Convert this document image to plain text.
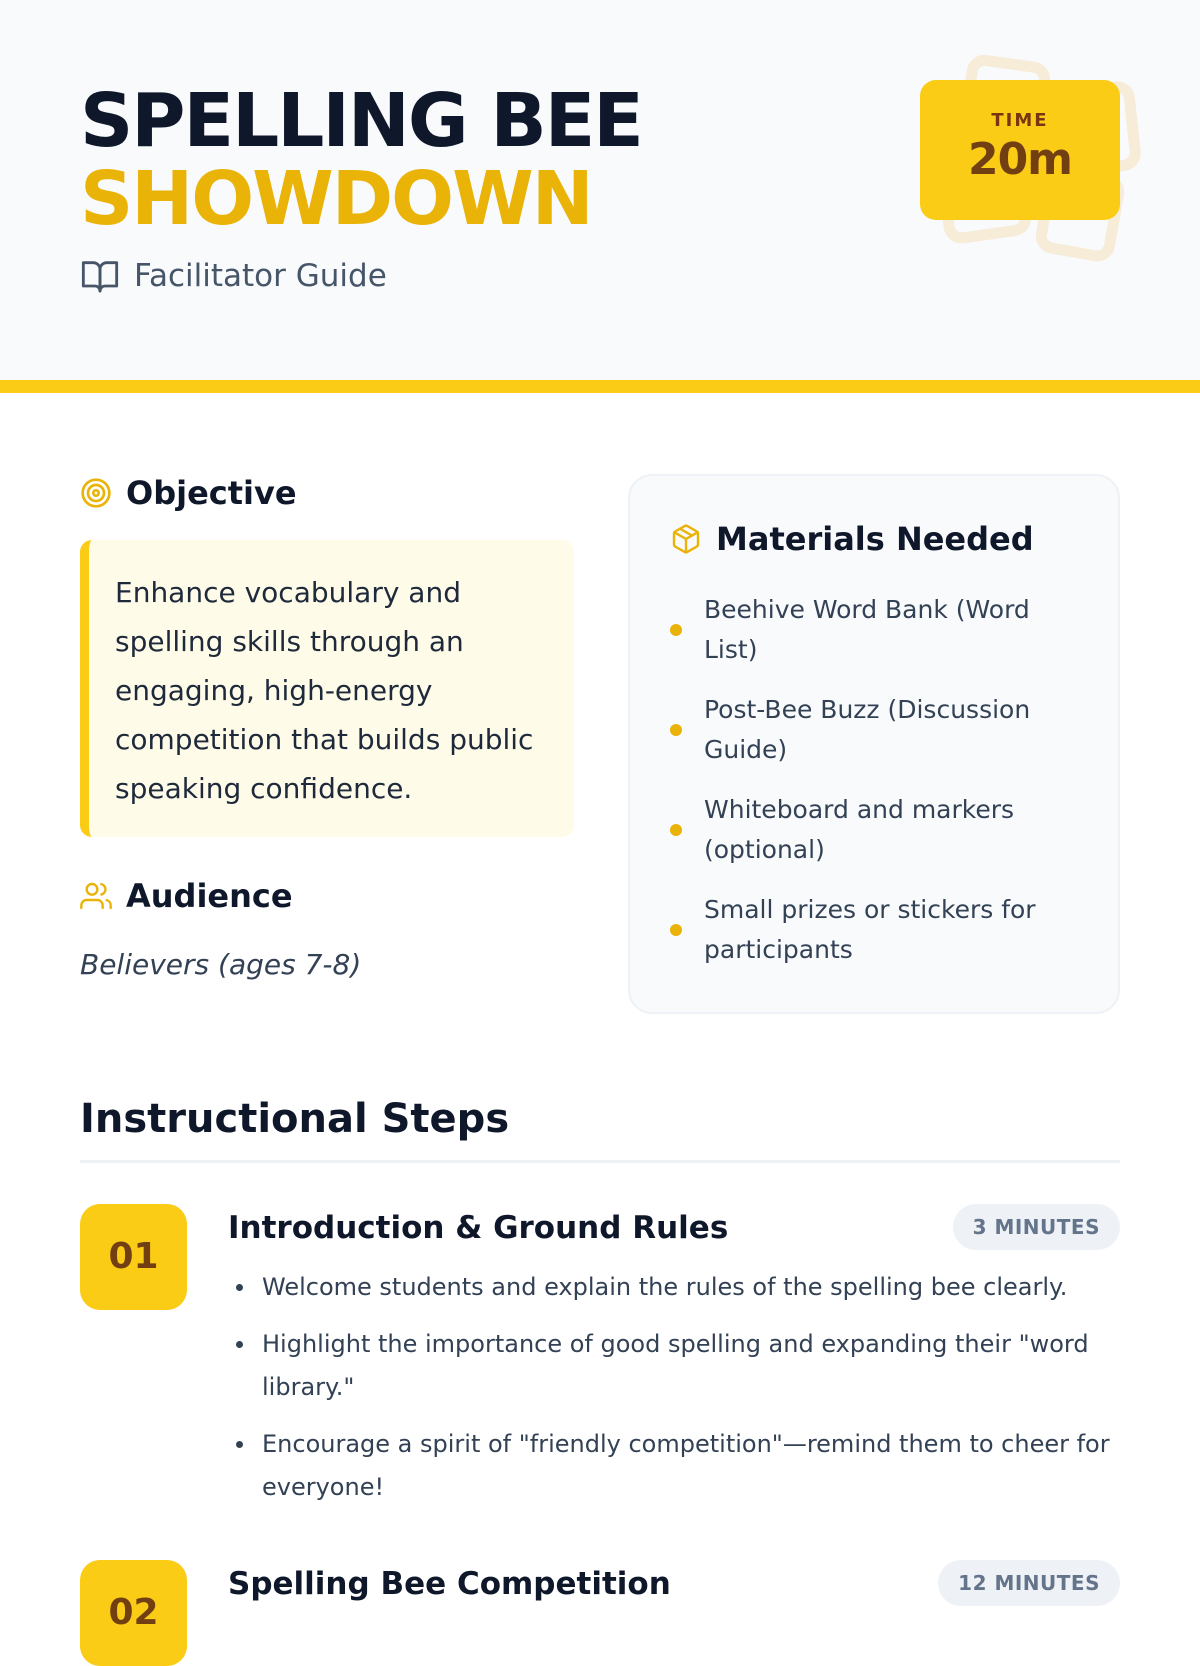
SPELLING BEE
SHOWDOWN
Facilitator Guide
TIME
20m
Objective
Enhance vocabulary and spelling skills through an engaging, high-energy competition that builds public speaking confidence.
Audience
Believers (ages 7-8)
Materials Needed
Beehive Word Bank (Word List)
Post-Bee Buzz (Discussion Guide)
Whiteboard and markers (optional)
Small prizes or stickers for participants
Instructional Steps
01
Introduction & Ground Rules	3 MINUTES
Welcome students and explain the rules of the spelling bee clearly.
Highlight the importance of good spelling and expanding their "word library."
Encourage a spirit of "friendly competition"—remind them to cheer for everyone!
02
Spelling Bee Competition	12 MINUTES
